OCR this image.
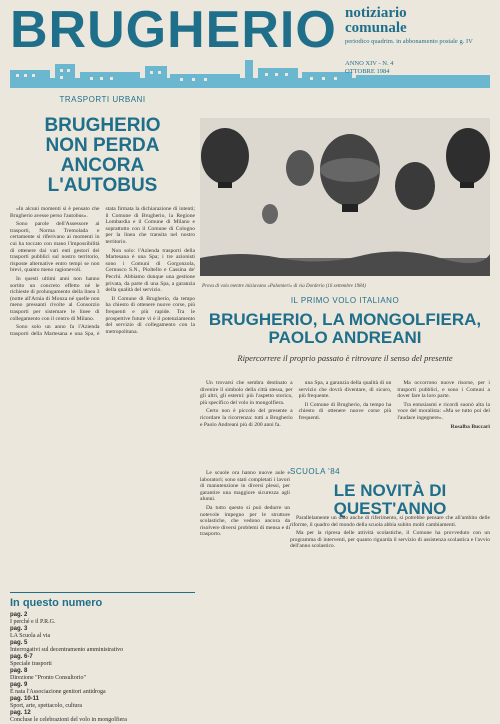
BRUGHERIO notiziario
comunale
periodico quadrim. in abbonamento postale g. IV
ANNO XIV - N. 4
OTTOBRE 1984
TRASPORTI URBANI
BRUGHERIO
NON PERDA
ANCORA L'AUTOBUS

«In alcuni momenti si è pensato che Brugherio avesse perso l'autobus».

Sono parole dell'Assessore ai trasporti, Norma Tremolada e certamente si riferivano ai momenti in cui ha toccato con mano l'impossibilità di ottenere dai vari enti gestori dei trasporti pubblici sul nostro territorio, risposte alternative entro tempi se non brevi, quanto meno ragionevoli.

In questi ultimi anni non hanno sortito un concreto effetto né le richieste di prolungamento della linea 3 (notte all'Arnia di Monza né quelle non meno pressanti rivolte al Consorzio trasporti per sistemare le linee di collegamento con il centro di Milano.

Sono solo un anno fa l'Azienda trasporti della Martesana e una Spa, è stata firmata la dichiarazione di intenti; il Comune di Brugherio, la Regione Lombardia e il Comune di Milano e soprattutto con il Comune di Cologno per la linea che transita nel nostro territorio.

Non solo: l'Azienda trasporti della Martesana è una Spa; i tre azionisti sono i Comuni di Gorgonzola, Cernusco S.N., Pioltello e Cassina de' Pecchi. Abbiamo dunque una gestione privata, da parte di una Spa, a garanzia della qualità del servizio.

Il Comune di Brugherio, da tempo ha chiesto di ottenere nuove corse, più frequenti e più rapide. Tra le prospettive future vi è il potenziamento del servizio di collegamento con la metropolitana.

In questo numero
pag. 2
I perché e il P.R.G.
pag. 3
LA Scuola al via
pag. 5
Interrogativi sul decentramento amministrativo
pag. 6-7
Speciale trasporti
pag. 8
Direzione "Pronto Consultorio"
pag. 9
È nata l'Associazione genitori antidroga
pag. 10-11
Sport, arte, spettacolo, cultura
pag. 12
Concluse le celebrazioni del volo in mongolfiera
Prova di volo mentre iniziavano «Palomieri» di via Dorderio (16 settembre 1984)
IL PRIMO VOLO ITALIANO
BRUGHERIO, LA MONGOLFIERA,
PAOLO ANDREANI
Ripercorrere il proprio passato è ritrovare il senso del presente

Un trovarsi che sembra destinato a divenire il simbolo della città stessa, per gli altri, gli esterni: più l'aspetto storico, più specifico del volo in mongolfiera.

Certo non è piccolo del presente a ricordare la ricorrenza: tutti a Brugherio e Paolo Andreani più di 200 anni fa.

una Spa, a garanzia della qualità di un servizio che dovrà diventare, di sicuro, più frequente.

Il Comune di Brugherio, da tempo ha chiesto di ottenere nuove corse più frequenti.

Ma occorrono nuove risorse, per i trasporti pubblici, e sono i Comuni a dover fare la loro parte.

Tra entusiasmi e ricordi suonò alta la voce del moralista: «Ma se tutto poi del l'audace ingegnere».

Rosalba Buccari

SCUOLA '84
LE NOVITÀ DI QUEST'ANNO

Le scuole ora hanno nuove aule e laboratori; sono stati completati i lavori di manutenzione in diversi plessi, per garantire una maggiore sicurezza agli alunni.

Da tutto questo si può dedurre un notevole impegno per le strutture scolastiche, che vedono ancora da risolvere diversi problemi di mensa e di trasporto.

Parallelamente un dato anche di riferimento, si potrebbe pensare che all'ambito delle riforme, il quadro del mondo della scuola abbia subito molti cambiamenti.

Ma per la ripresa delle attività scolastiche, il Comune ha provveduto con un programma di interventi, per quanto riguarda il servizio di assistenza scolastica e l'avvio dell'anno scolastico.
